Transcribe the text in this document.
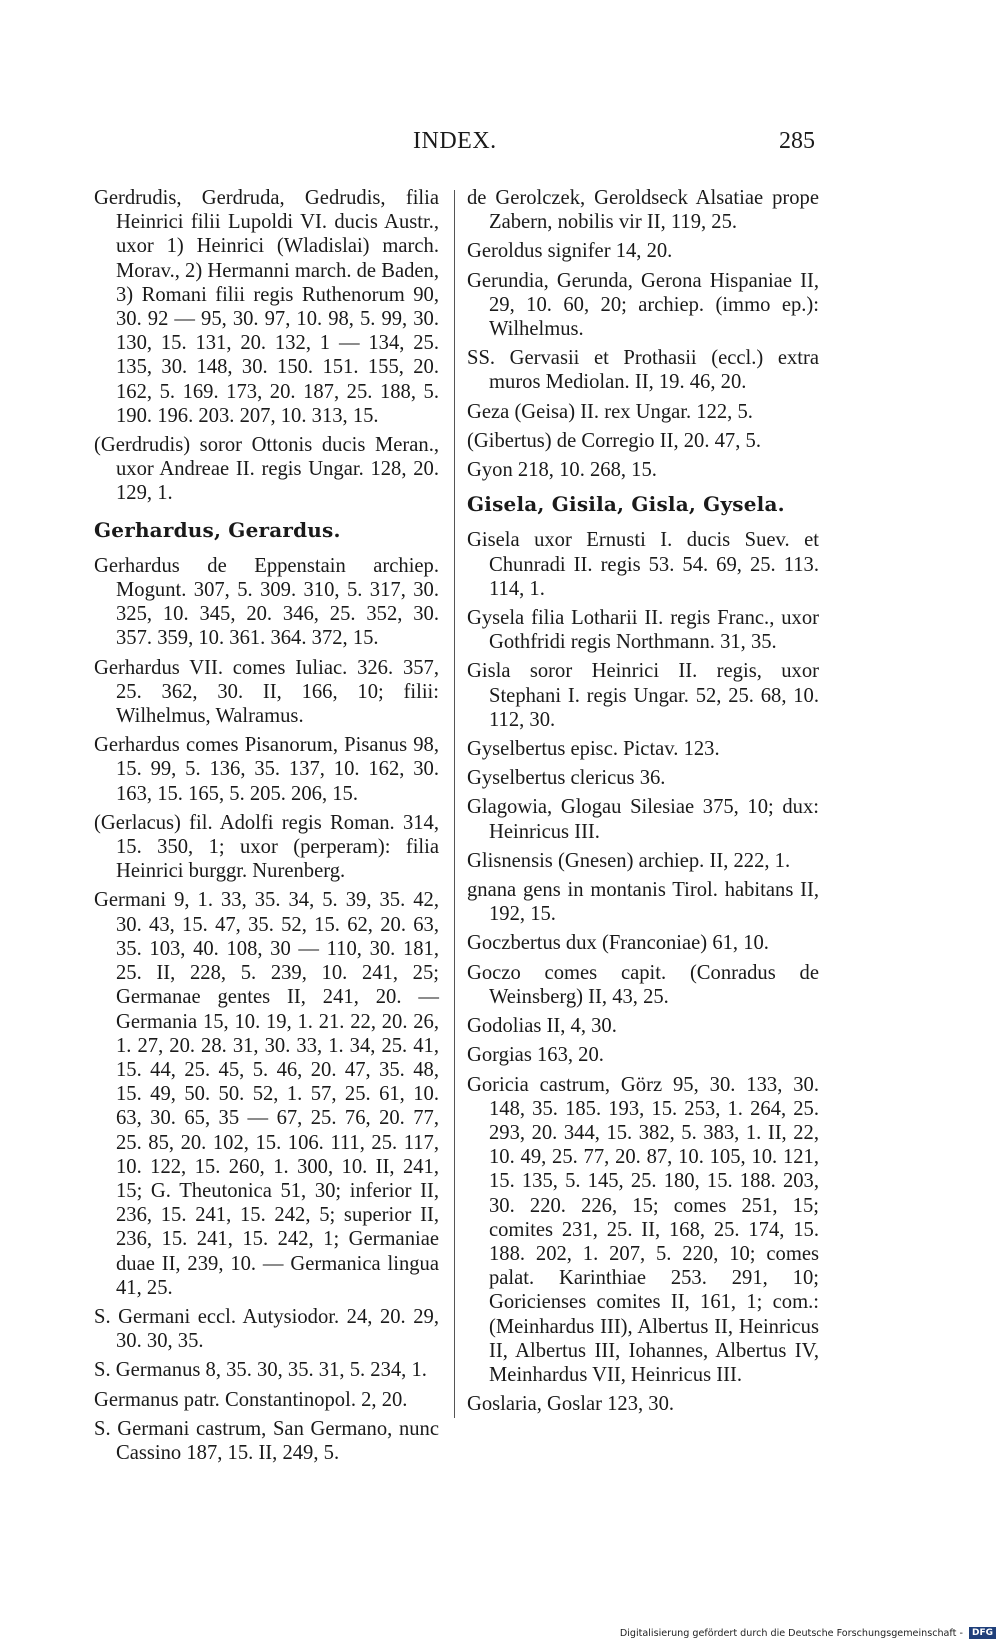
INDEX.	285
Gerdrudis, Gerdruda, Gedrudis, filia Heinrici filii Lupoldi VI. ducis Austr., uxor 1) Heinrici (Wladislai) march. Morav., 2) Hermanni march. de Baden, 3) Romani filii regis Ruthenorum 90, 30. 92 — 95, 30. 97, 10. 98, 5. 99, 30. 130, 15. 131, 20. 132, 1 — 134, 25. 135, 30. 148, 30. 150. 151. 155, 20. 162, 5. 169. 173, 20. 187, 25. 188, 5. 190. 196. 203. 207, 10. 313, 15.
(Gerdrudis) soror Ottonis ducis Meran., uxor Andreae II. regis Ungar. 128, 20. 129, 1.
Gerhardus, Gerardus.
Gerhardus de Eppenstain archiep. Mogunt. 307, 5. 309. 310, 5. 317, 30. 325, 10. 345, 20. 346, 25. 352, 30. 357. 359, 10. 361. 364. 372, 15.
Gerhardus VII. comes Iuliac. 326. 357, 25. 362, 30. II, 166, 10; filii: Wilhelmus, Walramus.
Gerhardus comes Pisanorum, Pisanus 98, 15. 99, 5. 136, 35. 137, 10. 162, 30. 163, 15. 165, 5. 205. 206, 15.
(Gerlacus) fil. Adolfi regis Roman. 314, 15. 350, 1; uxor (perperam): filia Heinrici burggr. Nurenberg.
Germani 9, 1. 33, 35. 34, 5. 39, 35. 42, 30. 43, 15. 47, 35. 52, 15. 62, 20. 63, 35. 103, 40. 108, 30 — 110, 30. 181, 25. II, 228, 5. 239, 10. 241, 25; Germanae gentes II, 241, 20. — Germania 15, 10. 19, 1. 21. 22, 20. 26, 1. 27, 20. 28. 31, 30. 33, 1. 34, 25. 41, 15. 44, 25. 45, 5. 46, 20. 47, 35. 48, 15. 49, 50. 50. 52, 1. 57, 25. 61, 10. 63, 30. 65, 35 — 67, 25. 76, 20. 77, 25. 85, 20. 102, 15. 106. 111, 25. 117, 10. 122, 15. 260, 1. 300, 10. II, 241, 15; G. Theutonica 51, 30; inferior II, 236, 15. 241, 15. 242, 5; superior II, 236, 15. 241, 15. 242, 1; Germaniae duae II, 239, 10. — Germanica lingua 41, 25.
S. Germani eccl. Autysiodor. 24, 20. 29, 30. 30, 35.
S. Germanus 8, 35. 30, 35. 31, 5. 234, 1.
Germanus patr. Constantinopol. 2, 20.
S. Germani castrum, San Germano, nunc Cassino 187, 15. II, 249, 5.
de Gerolczek, Geroldseck Alsatiae prope Zabern, nobilis vir II, 119, 25.
Geroldus signifer 14, 20.
Gerundia, Gerunda, Gerona Hispaniae II, 29, 10. 60, 20; archiep. (immo ep.): Wilhelmus.
SS. Gervasii et Prothasii (eccl.) extra muros Mediolan. II, 19. 46, 20.
Geza (Geisa) II. rex Ungar. 122, 5.
(Gibertus) de Corregio II, 20. 47, 5.
Gyon 218, 10. 268, 15.
Gisela, Gisila, Gisla, Gysela.
Gisela uxor Ernusti I. ducis Suev. et Chunradi II. regis 53. 54. 69, 25. 113. 114, 1.
Gysela filia Lotharii II. regis Franc., uxor Gothfridi regis Northmann. 31, 35.
Gisla soror Heinrici II. regis, uxor Stephani I. regis Ungar. 52, 25. 68, 10. 112, 30.
Gyselbertus episc. Pictav. 123.
Gyselbertus clericus 36.
Glagowia, Glogau Silesiae 375, 10; dux: Heinricus III.
Glisnensis (Gnesen) archiep. II, 222, 1.
gnana gens in montanis Tirol. habitans II, 192, 15.
Goczbertus dux (Franconiae) 61, 10.
Goczo comes capit. (Conradus de Weinsberg) II, 43, 25.
Godolias II, 4, 30.
Gorgias 163, 20.
Goricia castrum, Görz 95, 30. 133, 30. 148, 35. 185. 193, 15. 253, 1. 264, 25. 293, 20. 344, 15. 382, 5. 383, 1. II, 22, 10. 49, 25. 77, 20. 87, 10. 105, 10. 121, 15. 135, 5. 145, 25. 180, 15. 188. 203, 30. 220. 226, 15; comes 251, 15; comites 231, 25. II, 168, 25. 174, 15. 188. 202, 1. 207, 5. 220, 10; comes palat. Karinthiae 253. 291, 10; Goricienses comites II, 161, 1; com.: (Meinhardus III), Albertus II, Heinricus II, Albertus III, Iohannes, Albertus IV, Meinhardus VII, Heinricus III.
Goslaria, Goslar 123, 30.
Digitalisierung gefördert durch die Deutsche Forschungsgemeinschaft - DFG
